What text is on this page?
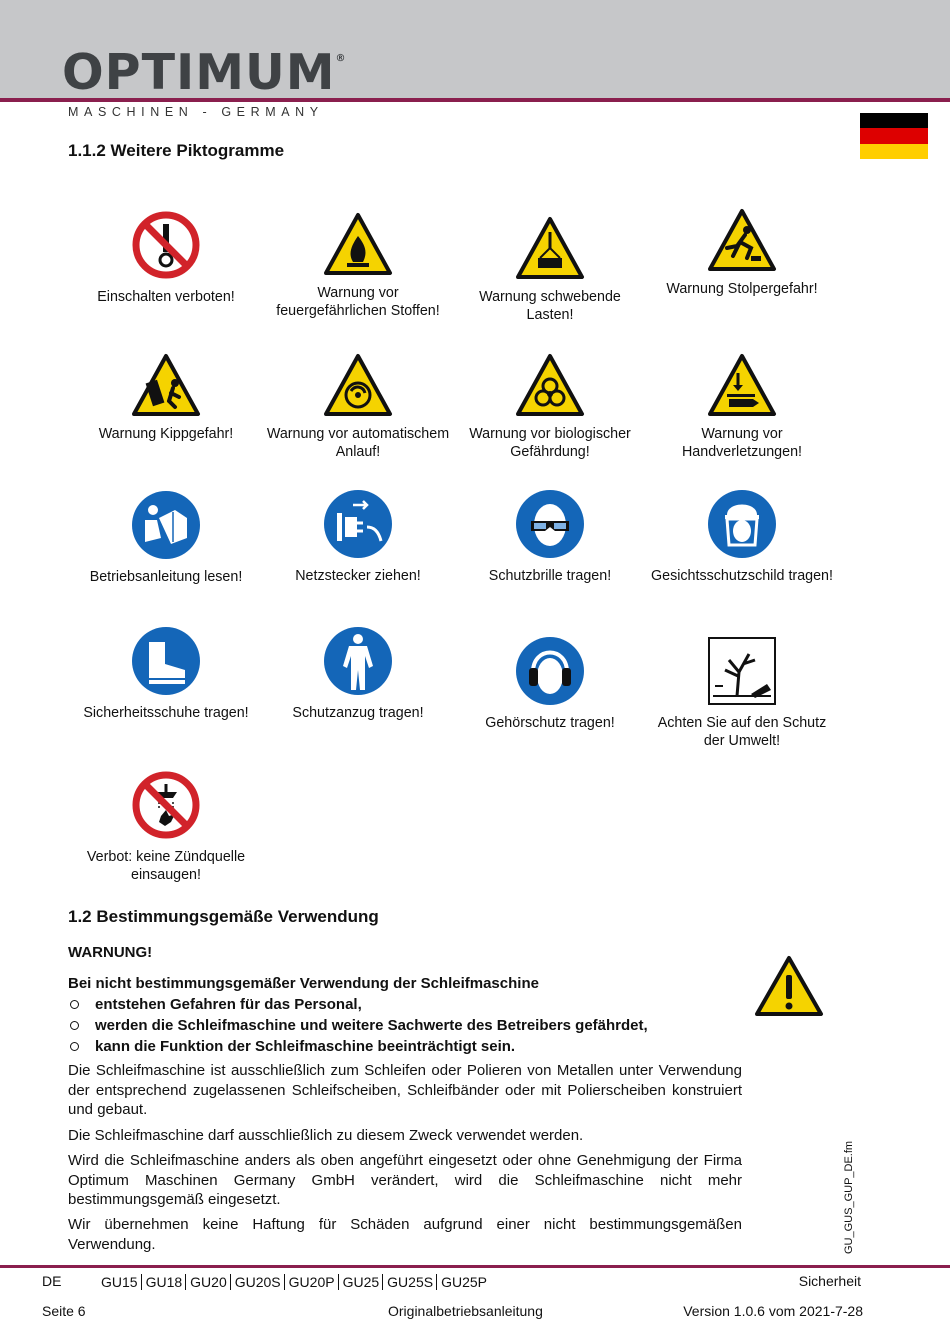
OPTIMUM®
MASCHINEN - GERMANY
1.1.2 Weitere Piktogramme
Einschalten verboten!	Warnung vor feuergefährlichen Stoffen!
Warnung schwebende Lasten!
Warnung Stolpergefahr!
Warnung Kippgefahr!	Warnung vor automatischem Anlauf!
Warnung vor biologischer Gefährdung!
Warnung vor Handverletzungen!
Betriebsanleitung lesen!	Netzstecker ziehen!	Schutzbrille tragen!	Gesichtsschutzschild tragen!
Sicherheitsschuhe tragen!	Schutzanzug tragen!
Gehörschutz tragen!	Achten Sie auf den Schutz der Umwelt!
Verbot: keine Zündquelle einsaugen!
1.2 Bestimmungsgemäße Verwendung
WARNUNG!
Bei nicht bestimmungsgemäßer Verwendung der Schleifmaschine
entstehen Gefahren für das Personal,
werden die Schleifmaschine und weitere Sachwerte des Betreibers gefährdet,
kann die Funktion der Schleifmaschine beeinträchtigt sein.
Die Schleifmaschine ist ausschließlich zum Schleifen oder Polieren von Metallen unter Verwendung der entsprechend zugelassenen Schleifscheiben, Schleifbänder oder mit Polierscheiben konstruiert und gebaut.
Die Schleifmaschine darf ausschließlich zu diesem Zweck verwendet werden.
Wird die Schleifmaschine anders als oben angeführt eingesetzt oder ohne Genehmigung der Firma Optimum Maschinen Germany GmbH verändert, wird die Schleifmaschine nicht mehr bestimmungsgemäß eingesetzt.
Wir übernehmen keine Haftung für Schäden aufgrund einer nicht bestimmungsgemäßen Verwendung.	GU_GUS_GUP_DE.fm
DE	GU15 GU18 GU20 GU20S GU20P GU25 GU25S GU25P	Sicherheit
Seite 6	Originalbetriebsanleitung	Version 1.0.6 vom 2021-7-28
